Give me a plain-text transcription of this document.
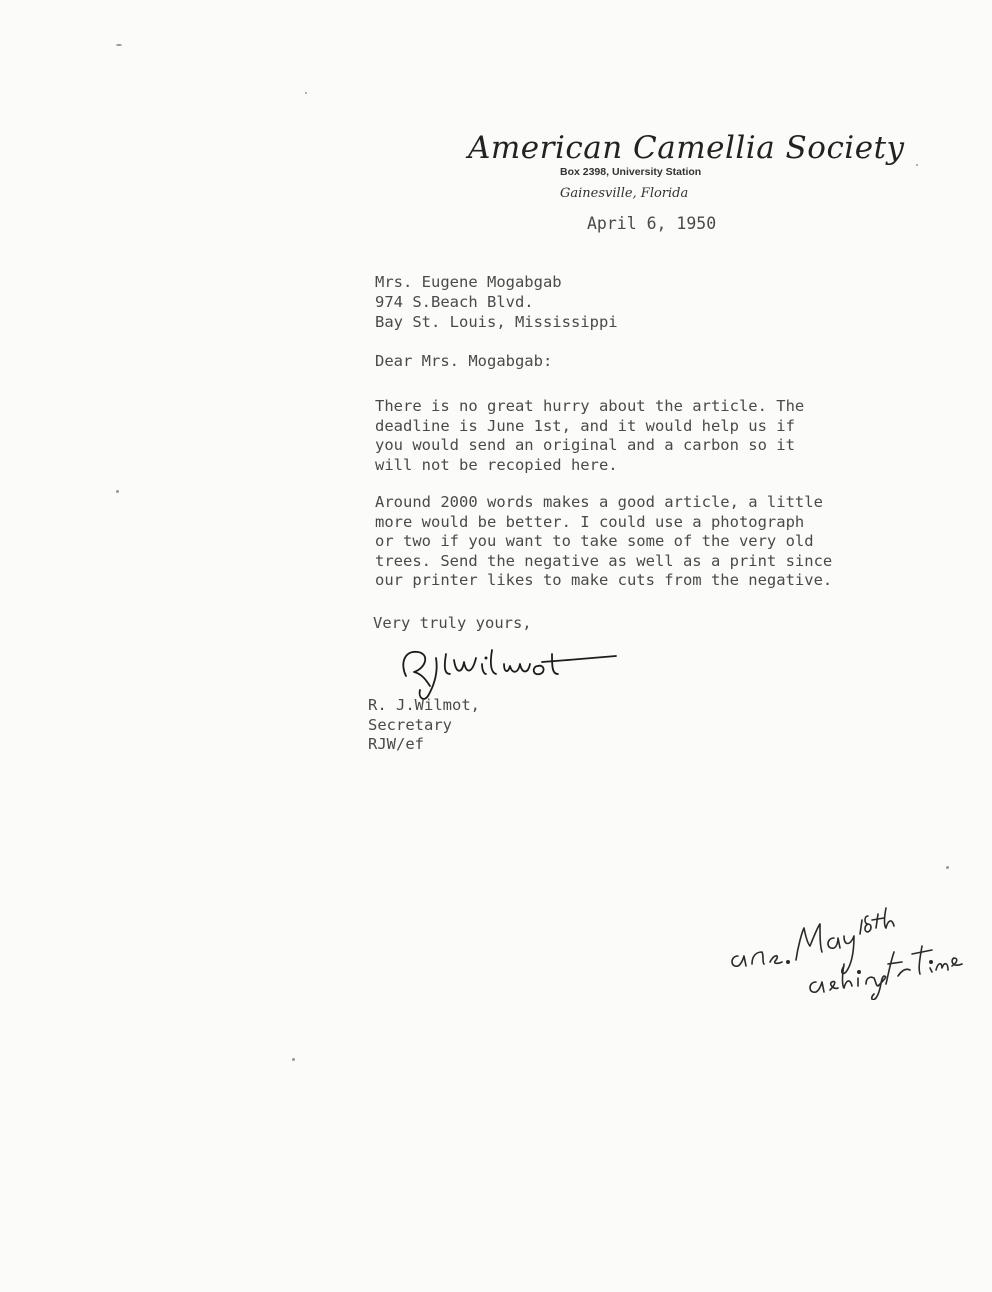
American Camellia Society
Box 2398, University Station
Gainesville, Florida
April 6, 1950
Mrs. Eugene Mogabgab
974 S.Beach Blvd.
Bay St. Louis, Mississippi
Dear Mrs. Mogabgab:
There is no great hurry about the article. The
deadline is June 1st, and it would help us if
you would send an original and a carbon so it
will not be recopied here.
Around 2000 words makes a good article, a little
more would be better. I could use a photograph
or two if you want to take some of the very old
trees. Send the negative as well as a print since
our printer likes to make cuts from the negative.
Very truly yours,
R. J.Wilmot,
Secretary
RJW/ef
